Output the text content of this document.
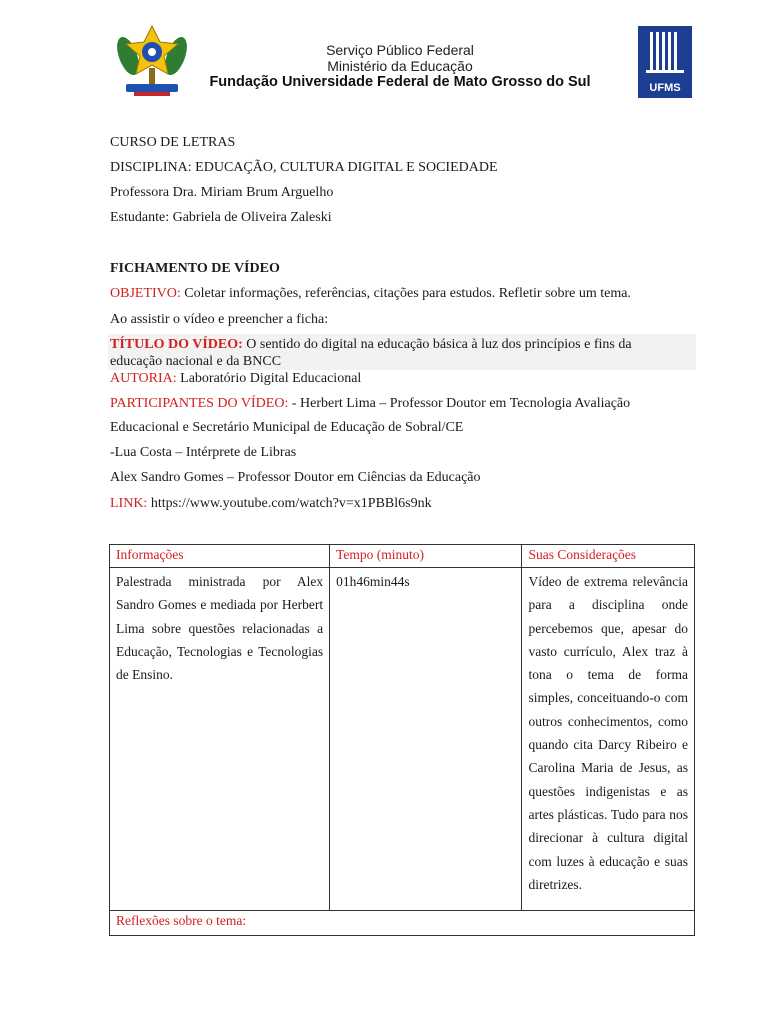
Serviço Público Federal
Ministério da Educação
Fundação Universidade Federal de Mato Grosso do Sul	UFMS
CURSO DE LETRAS
DISCIPLINA: EDUCAÇÃO, CULTURA DIGITAL E SOCIEDADE
Professora Dra. Miriam Brum Arguelho
Estudante: Gabriela de Oliveira Zaleski
FICHAMENTO DE VÍDEO
OBJETIVO: Coletar informações, referências, citações para estudos. Refletir sobre um tema.
Ao assistir o vídeo e preencher a ficha:
TÍTULO DO VÍDEO: O sentido do digital na educação básica à luz dos princípios e fins da
educação nacional e da BNCC
AUTORIA: Laboratório Digital Educacional
PARTICIPANTES DO VÍDEO: - Herbert Lima – Professor Doutor em Tecnologia Avaliação
Educacional e Secretário Municipal de Educação de Sobral/CE
-Lua Costa – Intérprete de Libras
Alex Sandro Gomes – Professor Doutor em Ciências da Educação
LINK: https://www.youtube.com/watch?v=x1PBBl6s9nk
Informações	Tempo (minuto)	Suas Considerações
Palestrada ministrada por Alex Sandro Gomes e mediada por Herbert Lima sobre questões relacionadas a Educação, Tecnologias e Tecnologias de Ensino.	01h46min44s	Vídeo de extrema relevância para a disciplina onde percebemos que, apesar do vasto currículo, Alex traz à tona o tema de forma simples, conceituando-o com outros conhecimentos, como quando cita Darcy Ribeiro e Carolina Maria de Jesus, as questões indigenistas e as artes plásticas. Tudo para nos direcionar à cultura digital com luzes à educação e suas diretrizes.
Reflexões sobre o tema:		
